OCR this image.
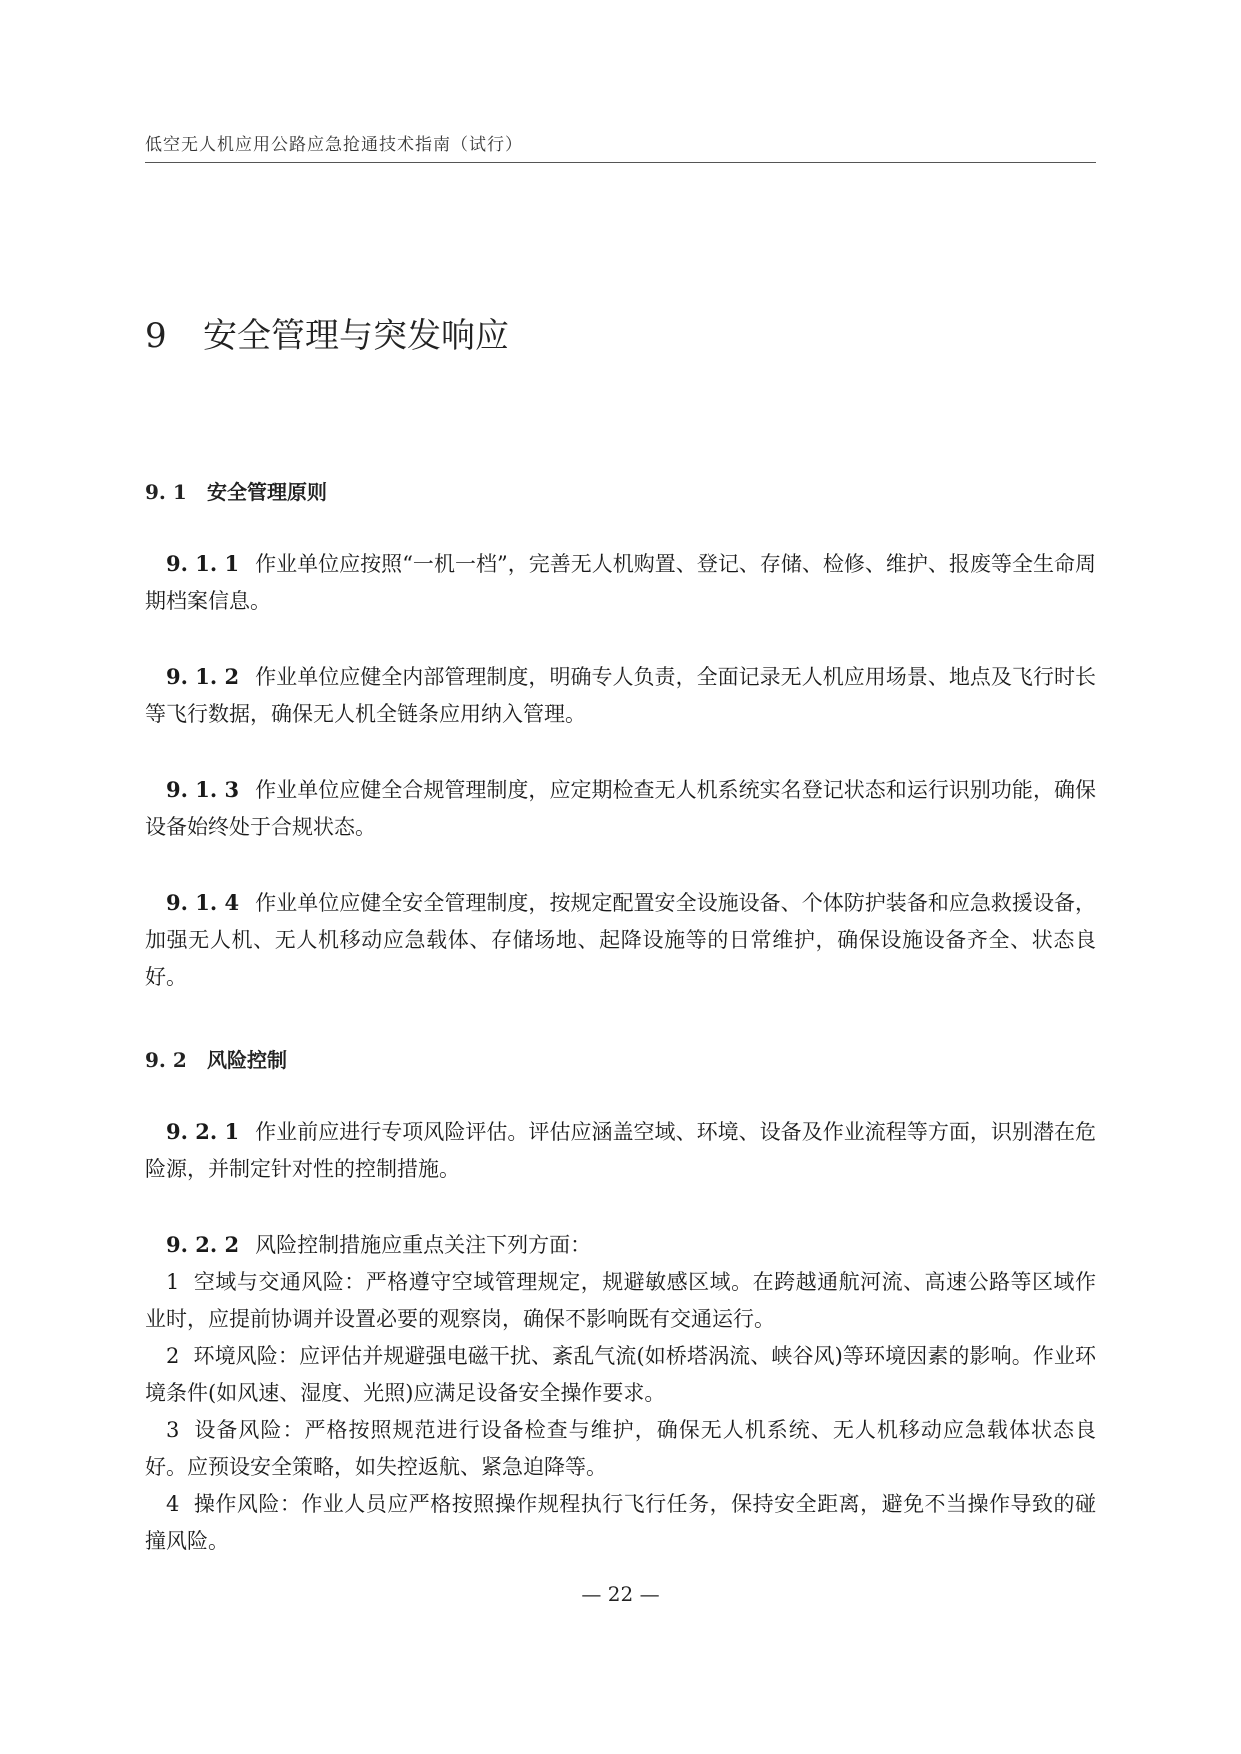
低空无人机应用公路应急抢通技术指南（试行）
9 安全管理与突发响应
9. 1 安全管理原则

9. 1. 1 作业单位应按照“一机一档”，完善无人机购置、登记、存储、检修、维护、报废等全生命周期档案信息。

9. 1. 2 作业单位应健全内部管理制度，明确专人负责，全面记录无人机应用场景、地点及飞行时长等飞行数据，确保无人机全链条应用纳入管理。

9. 1. 3 作业单位应健全合规管理制度，应定期检查无人机系统实名登记状态和运行识别功能，确保设备始终处于合规状态。

9. 1. 4 作业单位应健全安全管理制度，按规定配置安全设施设备、个体防护装备和应急救援设备，加强无人机、无人机移动应急载体、存储场地、起降设施等的日常维护，确保设施设备齐全、状态良好。

9. 2 风险控制

9. 2. 1 作业前应进行专项风险评估。评估应涵盖空域、环境、设备及作业流程等方面，识别潜在危险源，并制定针对性的控制措施。

9. 2. 2 风险控制措施应重点关注下列方面：

1 空域与交通风险：严格遵守空域管理规定，规避敏感区域。在跨越通航河流、高速公路等区域作业时，应提前协调并设置必要的观察岗，确保不影响既有交通运行。

2 环境风险：应评估并规避强电磁干扰、紊乱气流(如桥塔涡流、峡谷风)等环境因素的影响。作业环境条件(如风速、湿度、光照)应满足设备安全操作要求。

3 设备风险：严格按照规范进行设备检查与维护，确保无人机系统、无人机移动应急载体状态良好。应预设安全策略，如失控返航、紧急迫降等。

4 操作风险：作业人员应严格按照操作规程执行飞行任务，保持安全距离，避免不当操作导致的碰撞风险。

— 22 —
